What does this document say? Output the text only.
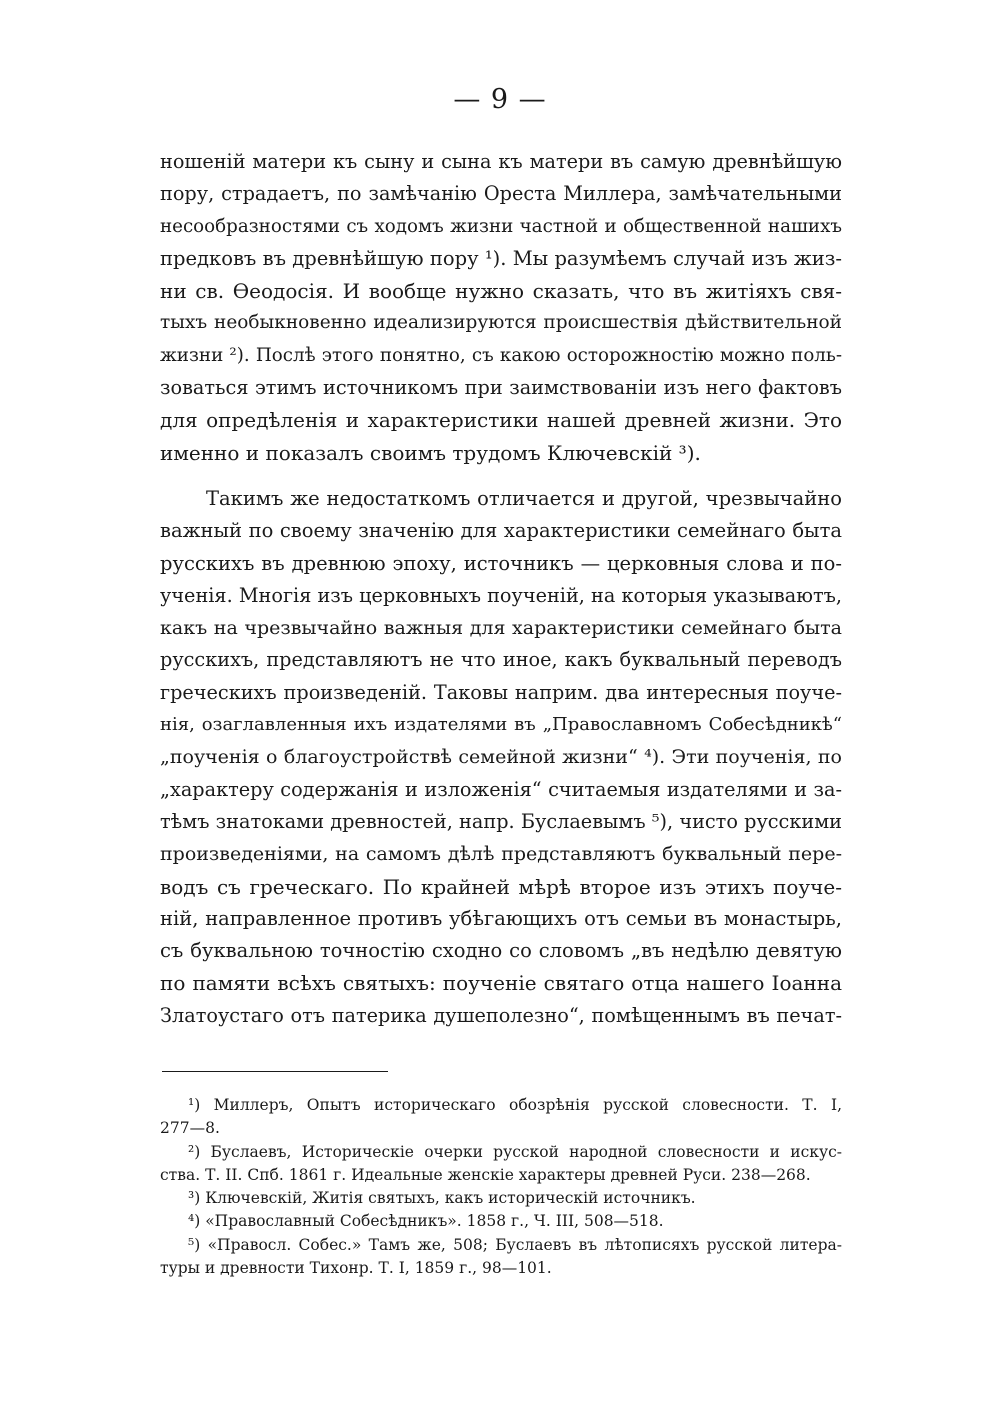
— 9 —
ношеній матери къ сыну и сына къ матери въ самую древнѣйшую
пору, страдаетъ, по замѣчанію Ореста Миллера, замѣчательными
несообразностями съ ходомъ жизни частной и общественной нашихъ
предковъ въ древнѣйшую пору ¹). Мы разумѣемъ случай изъ жиз-
ни св. Өеодосія. И вообще нужно сказать, что въ житіяхъ свя-
тыхъ необыкновенно идеализируются происшествія дѣйствительной
жизни ²). Послѣ этого понятно, съ какою осторожностію можно поль-
зоваться этимъ источникомъ при заимствованіи изъ него фактовъ
для опредѣленія и характеристики нашей древней жизни. Это
именно и показалъ своимъ трудомъ Ключевскій ³).
Такимъ же недостаткомъ отличается и другой, чрезвычайно
важный по своему значенію для характеристики семейнаго быта
русскихъ въ древнюю эпоху, источникъ — церковныя слова и по-
ученія. Многія изъ церковныхъ поученій, на которыя указываютъ,
какъ на чрезвычайно важныя для характеристики семейнаго быта
русскихъ, представляютъ не что иное, какъ буквальный переводъ
греческихъ произведеній. Таковы наприм. два интересныя поуче-
нія, озаглавленныя ихъ издателями въ „Православномъ Собесѣдникѣ“
„поученія о благоустройствѣ семейной жизни“ ⁴). Эти поученія, по
„характеру содержанія и изложенія“ считаемыя издателями и за-
тѣмъ знатоками древностей, напр. Буслаевымъ ⁵), чисто русскими
произведеніями, на самомъ дѣлѣ представляютъ буквальный пере-
водъ съ греческаго. По крайней мѣрѣ второе изъ этихъ поуче-
ній, направленное противъ убѣгающихъ отъ семьи въ монастырь,
съ буквальною точностію сходно со словомъ „въ недѣлю девятую
по памяти всѣхъ святыхъ: поученіе святаго отца нашего Іоанна
Златоустаго отъ патерика душеполезно“, помѣщеннымъ въ печат-
¹) Миллеръ, Опытъ историческаго обозрѣнія русской словесности. Т. I,
277—8.
²) Буслаевъ, Историческіе очерки русской народной словесности и искус-
ства. Т. II. Спб. 1861 г. Идеальные женскіе характеры древней Руси. 238—268.
³) Ключевскій, Житія святыхъ, какъ историческій источникъ.
⁴) «Православный Собесѣдникъ». 1858 г., Ч. III, 508—518.
⁵) «Правосл. Собес.» Тамъ же, 508; Буслаевъ въ лѣтописяхъ русской литера-
туры и древности Тихонр. Т. I, 1859 г., 98—101.
